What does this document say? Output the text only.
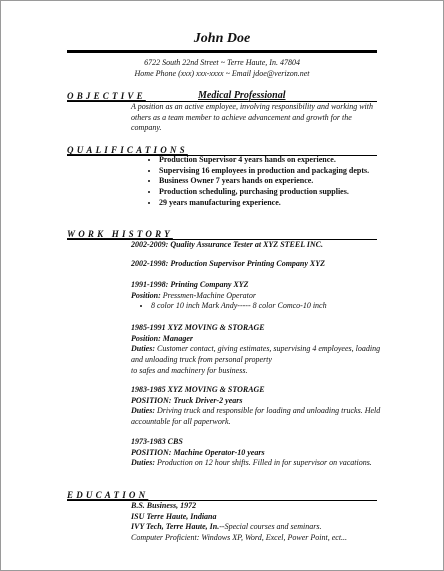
John Doe
6722 South 22nd Street ~ Terre Haute, In. 47804
Home Phone (xxx) xxx-xxxx ~ Email jdoe@verizon.net
OBJECTIVE	Medical Professional
A position as an active employee, involving responsibility and working with others as a team member to achieve advancement and growth for the company.
QUALIFICATIONS
• Production Supervisor 4 years hands on experience.
• Supervising 16 employees in production and packaging depts.
• Business Owner 7 years hands on experience.
• Production scheduling, purchasing production supplies.
• 29 years manufacturing experience.
WORK HISTORY
2002-2009: Quality Assurance Tester at XYZ STEEL INC.
2002-1998: Production Supervisor Printing Company XYZ
1991-1998: Printing Company XYZ
Position: Pressmen-Machine Operator
• 8 color 10 inch Mark Andy----- 8 color Comco-10 inch
1985-1991 XYZ MOVING & STORAGE
Position: Manager
Duties: Customer contact, giving estimates, supervising 4 employees, loading and unloading truck from personal property
to safes and machinery for business.
1983-1985 XYZ MOVING & STORAGE
POSITION: Truck Driver-2 years
Duties: Driving truck and responsible for loading and unloading trucks. Held accountable for all paperwork.
1973-1983 CBS
POSITION: Machine Operator-10 years
Duties: Production on 12 hour shifts. Filled in for supervisor on vacations.
EDUCATION
B.S. Business, 1972
ISU Terre Haute, Indiana
IVY Tech, Terre Haute, In.--Special courses and seminars.
Computer Proficient: Windows XP, Word, Excel, Power Point, ect...
